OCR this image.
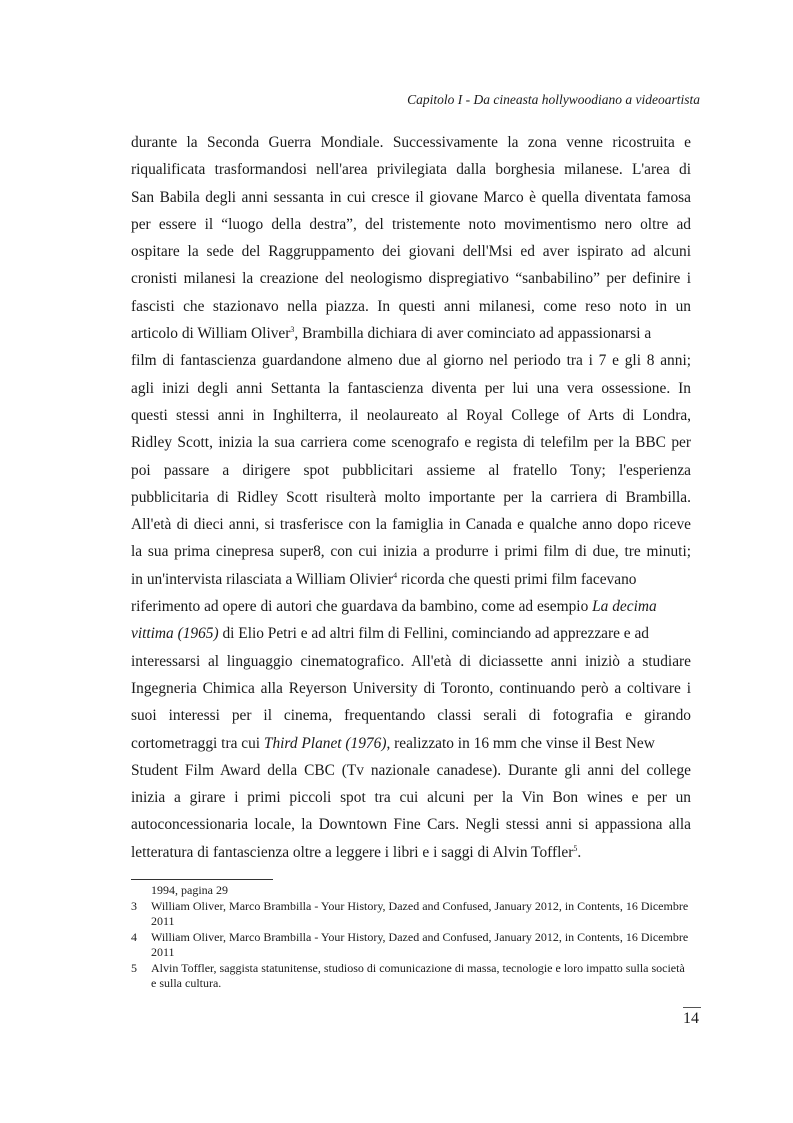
Capitolo I - Da cineasta hollywoodiano a videoartista
durante la Seconda Guerra Mondiale. Successivamente la zona venne ricostruita e
riqualificata trasformandosi nell'area privilegiata dalla borghesia milanese. L'area di
San Babila degli anni sessanta in cui cresce il giovane Marco è quella diventata famosa
per essere il “luogo della destra”, del tristemente noto movimentismo nero oltre ad
ospitare la sede del Raggruppamento dei giovani dell'Msi ed aver ispirato ad alcuni
cronisti milanesi la creazione del neologismo dispregiativo “sanbabilino” per definire i
fascisti che stazionavo nella piazza. In questi anni milanesi, come reso noto in un
articolo di William Oliver$^3$, Brambilla dichiara di aver cominciato ad appassionarsi a
film di fantascienza guardandone almeno due al giorno nel periodo tra i 7 e gli 8 anni;
agli inizi degli anni Settanta la fantascienza diventa per lui una vera ossessione. In
questi stessi anni in Inghilterra, il neolaureato al Royal College of Arts di Londra,
Ridley Scott, inizia la sua carriera come scenografo e regista di telefilm per la BBC per
poi passare a dirigere spot pubblicitari assieme al fratello Tony; l'esperienza
pubblicitaria di Ridley Scott risulterà molto importante per la carriera di Brambilla.
All'età di dieci anni, si trasferisce con la famiglia in Canada e qualche anno dopo riceve
la sua prima cinepresa super8, con cui inizia a produrre i primi film di due, tre minuti;
in un'intervista rilasciata a William Olivier$^4$ ricorda che questi primi film facevano
riferimento ad opere di autori che guardava da bambino, come ad esempio La decima
vittima (1965) di Elio Petri e ad altri film di Fellini, cominciando ad apprezzare e ad
interessarsi al linguaggio cinematografico. All'età di diciassette anni iniziò a studiare
Ingegneria Chimica alla Reyerson University di Toronto, continuando però a coltivare i
suoi interessi per il cinema, frequentando classi serali di fotografia e girando
cortometraggi tra cui Third Planet (1976), realizzato in 16 mm che vinse il Best New
Student Film Award della CBC (Tv nazionale canadese). Durante gli anni del college
inizia a girare i primi piccoli spot tra cui alcuni per la Vin Bon wines e per un
autoconcessionaria locale, la Downtown Fine Cars. Negli stessi anni si appassiona alla
letteratura di fantascienza oltre a leggere i libri e i saggi di Alvin Toffler$^5$.
1994, pagina 29
3	William Oliver, Marco Brambilla - Your History, Dazed and Confused, January 2012, in Contents, 16 Dicembre 2011
4	William Oliver, Marco Brambilla - Your History, Dazed and Confused, January 2012, in Contents, 16 Dicembre 2011
5	Alvin Toffler, saggista statunitense, studioso di comunicazione di massa, tecnologie e loro impatto sulla società e sulla cultura.
14
